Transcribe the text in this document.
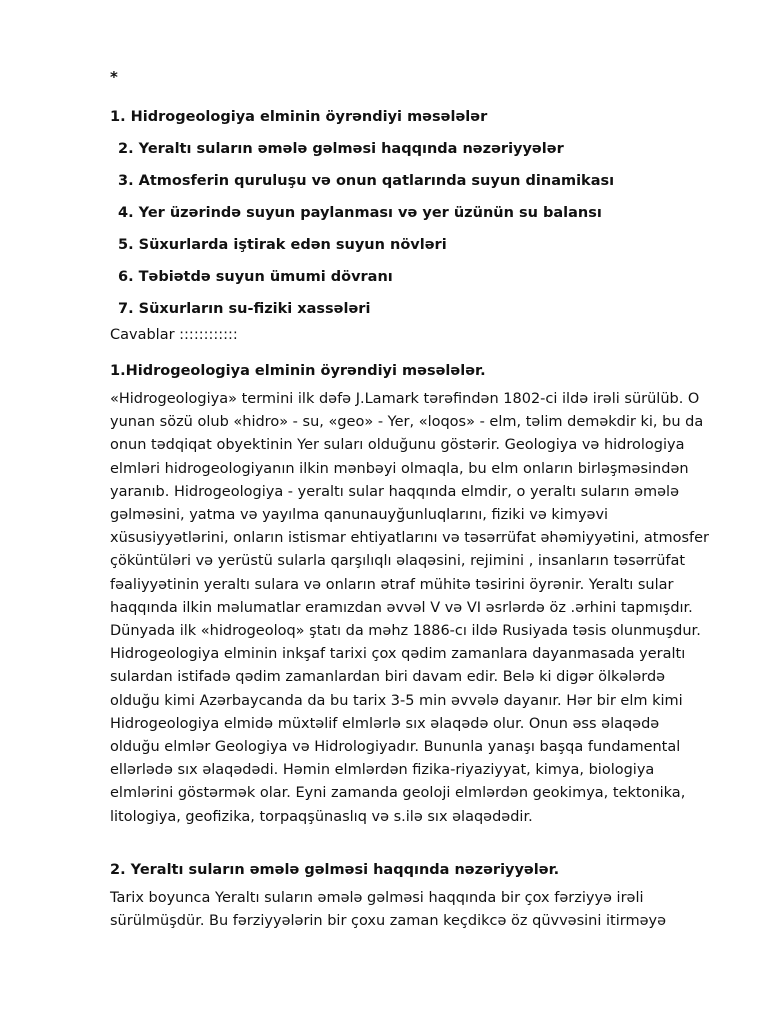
*
1. Hidrogeologiya elminin öyrəndiyi məsələlər
2. Yeraltı suların əmələ gəlməsi haqqında nəzəriyyələr
3. Atmosferin quruluşu və onun qatlarında suyun dinamikası
4. Yer üzərində suyun paylanması və yer üzünün su balansı
5. Süxurlarda iştirak edən suyun növləri
6. Təbiətdə suyun ümumi dövranı
7. Süxurların su-fiziki xassələri
Cavablar ::::::::::::
1.Hidrogeologiya elminin öyrəndiyi məsələlər.

«Hidrogeologiya» termini ilk dəfə J.Lamark tərəfindən 1802-ci ildə irəli sürülüb. O
yunan sözü olub «hidro» - su, «geo» - Yer, «loqos» - elm, təlim deməkdir ki, bu da
onun tədqiqat obyektinin Yer suları olduğunu göstərir. Geologiya və hidrologiya
elmləri hidrogeologiyanın ilkin mənbəyi olmaqla, bu elm onların birləşməsindən
yaranıb. Hidrogeologiya - yeraltı sular haqqında elmdir, o yeraltı suların əmələ
gəlməsini, yatma və yayılma qanunauyğunluqlarını, fiziki və kimyəvi
xüsusiyyətlərini, onların istismar ehtiyatlarını və təsərrüfat əhəmiyyətini, atmosfer
çöküntüləri və yerüstü sularla qarşılıqlı əlaqəsini, rejimini , insanların təsərrüfat
fəaliyyətinin yeraltı sulara və onların ətraf mühitə təsirini öyrənir. Yeraltı sular
haqqında ilkin məlumatlar eramızdan əvvəl V və VI əsrlərdə öz .ərhini tapmışdır.
Dünyada ilk «hidrogeoloq» ştatı da məhz 1886-cı ildə Rusiyada təsis olunmuşdur.
Hidrogeologiya elminin inkşaf tarixi çox qədim zamanlara dayanmasada yeraltı
sulardan istifadə qədim zamanlardan biri davam edir. Belə ki digər ölkələrdə
olduğu kimi Azərbaycanda da bu tarix 3-5 min əvvələ dayanır. Hər bir elm kimi
Hidrogeologiya elmidə müxtəlif elmlərlə sıx əlaqədə olur. Onun əss əlaqədə
olduğu elmlər Geologiya və Hidrologiyadır. Bununla yanaşı başqa fundamental
ellərlədə sıx əlaqədədi. Həmin elmlərdən fizika-riyaziyyat, kimya, biologiya
elmlərini göstərmək olar. Eyni zamanda geoloji elmlərdən geokimya, tektonika,
litologiya, geofizika, torpaqşünaslıq və s.ilə sıx əlaqədədir.

2. Yeraltı suların əmələ gəlməsi haqqında nəzəriyyələr.

Tarix boyunca Yeraltı suların əmələ gəlməsi haqqında bir çox fərziyyə irəli
sürülmüşdür. Bu fərziyyələrin bir çoxu zaman keçdikcə öz qüvvəsini itirməyə
